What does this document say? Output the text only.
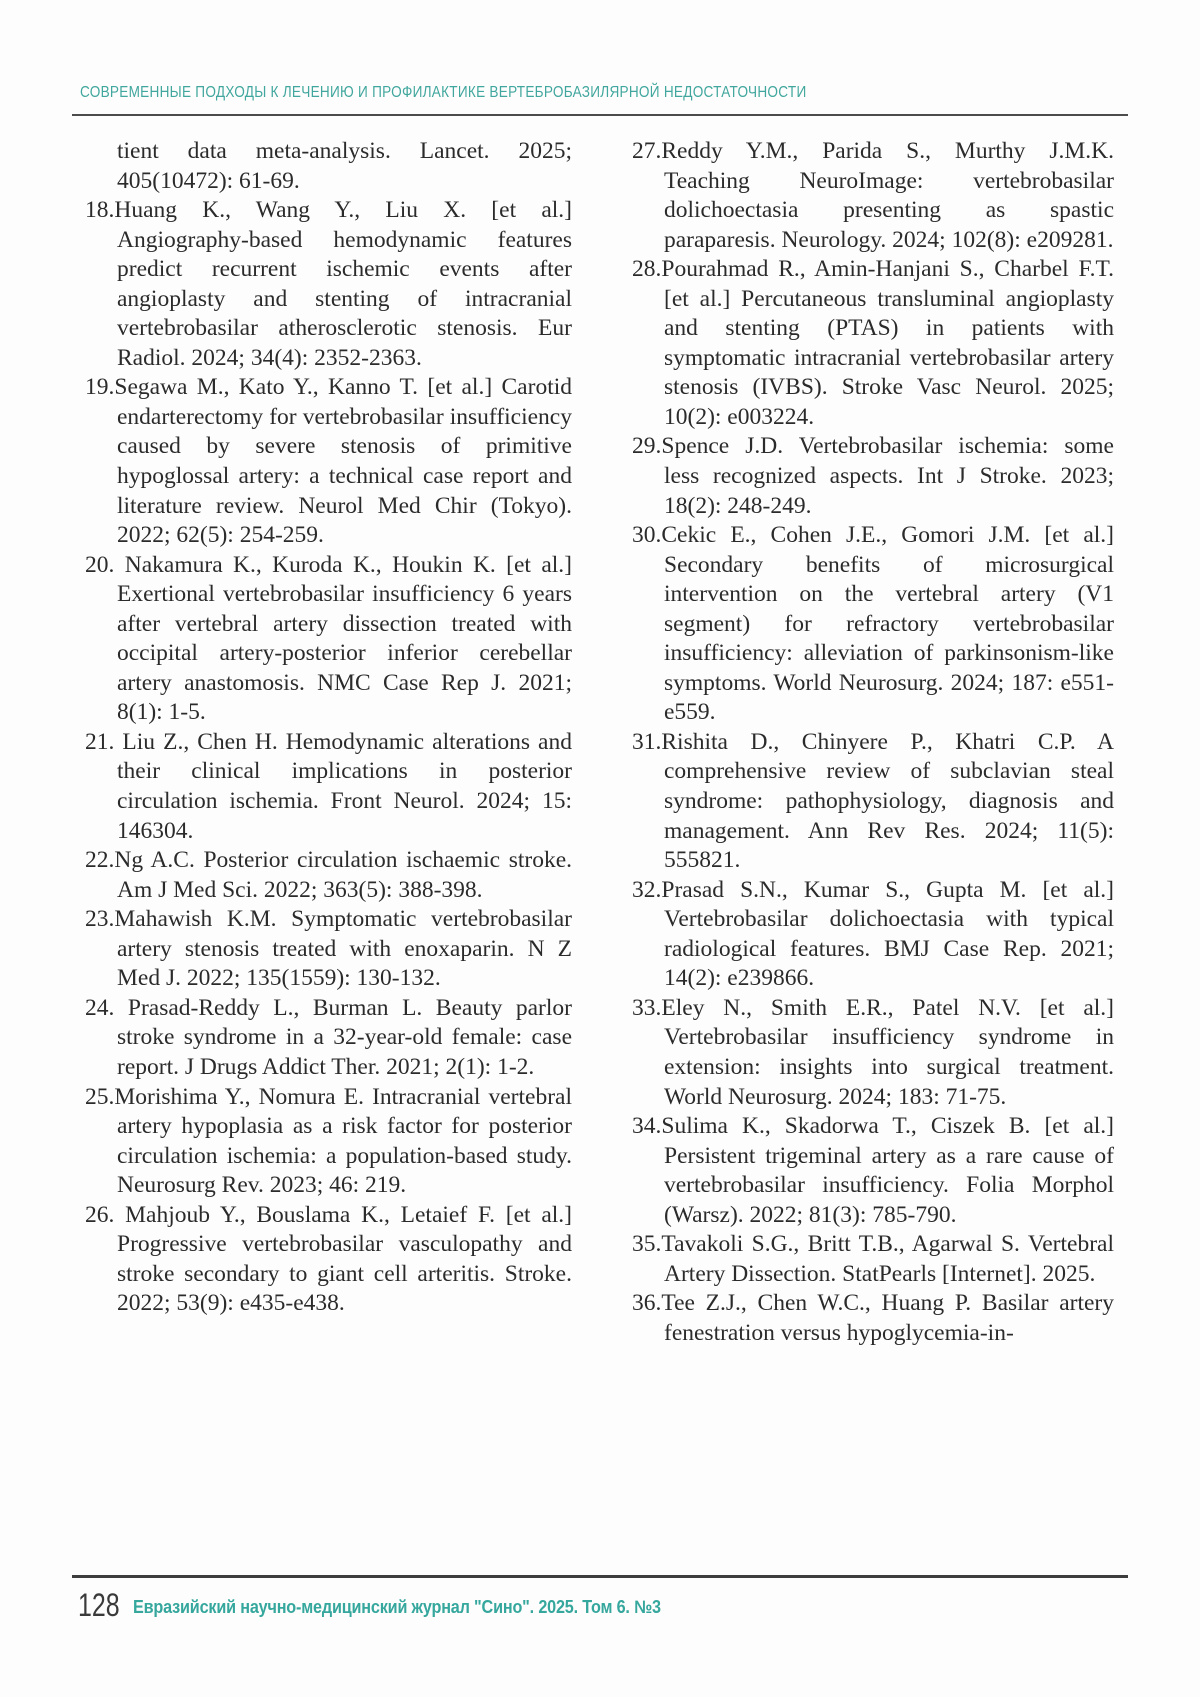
СОВРЕМЕННЫЕ ПОДХОДЫ К ЛЕЧЕНИЮ И ПРОФИЛАКТИКЕ ВЕРТЕБРОБАЗИЛЯРНОЙ НЕДОСТАТОЧНОСТИ

tient data meta-analysis. Lancet. 2025; 405(10472): 61-69.

18.Huang K., Wang Y., Liu X. [et al.] Angiography-based hemodynamic features predict recurrent ischemic events after angioplasty and stenting of intracranial vertebrobasilar atherosclerotic stenosis. Eur Radiol. 2024; 34(4): 2352-2363.

19.Segawa M., Kato Y., Kanno T. [et al.] Carotid endarterectomy for vertebrobasilar insufficiency caused by severe stenosis of primitive hypoglossal artery: a technical case report and literature review. Neurol Med Chir (Tokyo). 2022; 62(5): 254-259.

20. Nakamura K., Kuroda K., Houkin K. [et al.] Exertional vertebrobasilar insufficiency 6 years after vertebral artery dissection treated with occipital artery-posterior inferior cerebellar artery anastomosis. NMC Case Rep J. 2021; 8(1): 1-5.

21. Liu Z., Chen H. Hemodynamic alterations and their clinical implications in posterior circulation ischemia. Front Neurol. 2024; 15: 146304.

22.Ng A.C. Posterior circulation ischaemic stroke. Am J Med Sci. 2022; 363(5): 388-398.

23.Mahawish K.M. Symptomatic vertebrobasilar artery stenosis treated with enoxaparin. N Z Med J. 2022; 135(1559): 130-132.

24. Prasad-Reddy L., Burman L. Beauty parlor stroke syndrome in a 32-year-old female: case report. J Drugs Addict Ther. 2021; 2(1): 1-2.

25.Morishima Y., Nomura E. Intracranial vertebral artery hypoplasia as a risk factor for posterior circulation ischemia: a population-based study. Neurosurg Rev. 2023; 46: 219.

26. Mahjoub Y., Bouslama K., Letaief F. [et al.] Progressive vertebrobasilar vasculopathy and stroke secondary to giant cell arteritis. Stroke. 2022; 53(9): e435-e438.

27.Reddy Y.M., Parida S., Murthy J.M.K. Teaching NeuroImage: vertebrobasilar dolichoectasia presenting as spastic paraparesis. Neurology. 2024; 102(8): e209281.

28.Pourahmad R., Amin-Hanjani S., Charbel F.T. [et al.] Percutaneous transluminal angioplasty and stenting (PTAS) in patients with symptomatic intracranial vertebrobasilar artery stenosis (IVBS). Stroke Vasc Neurol. 2025; 10(2): e003224.

29.Spence J.D. Vertebrobasilar ischemia: some less recognized aspects. Int J Stroke. 2023; 18(2): 248-249.

30.Cekic E., Cohen J.E., Gomori J.M. [et al.] Secondary benefits of microsurgical intervention on the vertebral artery (V1 segment) for refractory vertebrobasilar insufficiency: alleviation of parkinsonism-like symptoms. World Neurosurg. 2024; 187: e551-e559.

31.Rishita D., Chinyere P., Khatri C.P. A comprehensive review of subclavian steal syndrome: pathophysiology, diagnosis and management. Ann Rev Res. 2024; 11(5): 555821.

32.Prasad S.N., Kumar S., Gupta M. [et al.] Vertebrobasilar dolichoectasia with typical radiological features. BMJ Case Rep. 2021; 14(2): e239866.

33.Eley N., Smith E.R., Patel N.V. [et al.] Vertebrobasilar insufficiency syndrome in extension: insights into surgical treatment. World Neurosurg. 2024; 183: 71-75.

34.Sulima K., Skadorwa T., Ciszek B. [et al.] Persistent trigeminal artery as a rare cause of vertebrobasilar insufficiency. Folia Morphol (Warsz). 2022; 81(3): 785-790.

35.Tavakoli S.G., Britt T.B., Agarwal S. Vertebral Artery Dissection. StatPearls [Internet]. 2025.

36.Tee Z.J., Chen W.C., Huang P. Basilar artery fenestration versus hypoglycemia-in-

128 Евразийский научно-медицинский журнал "Сино". 2025. Том 6. №3
